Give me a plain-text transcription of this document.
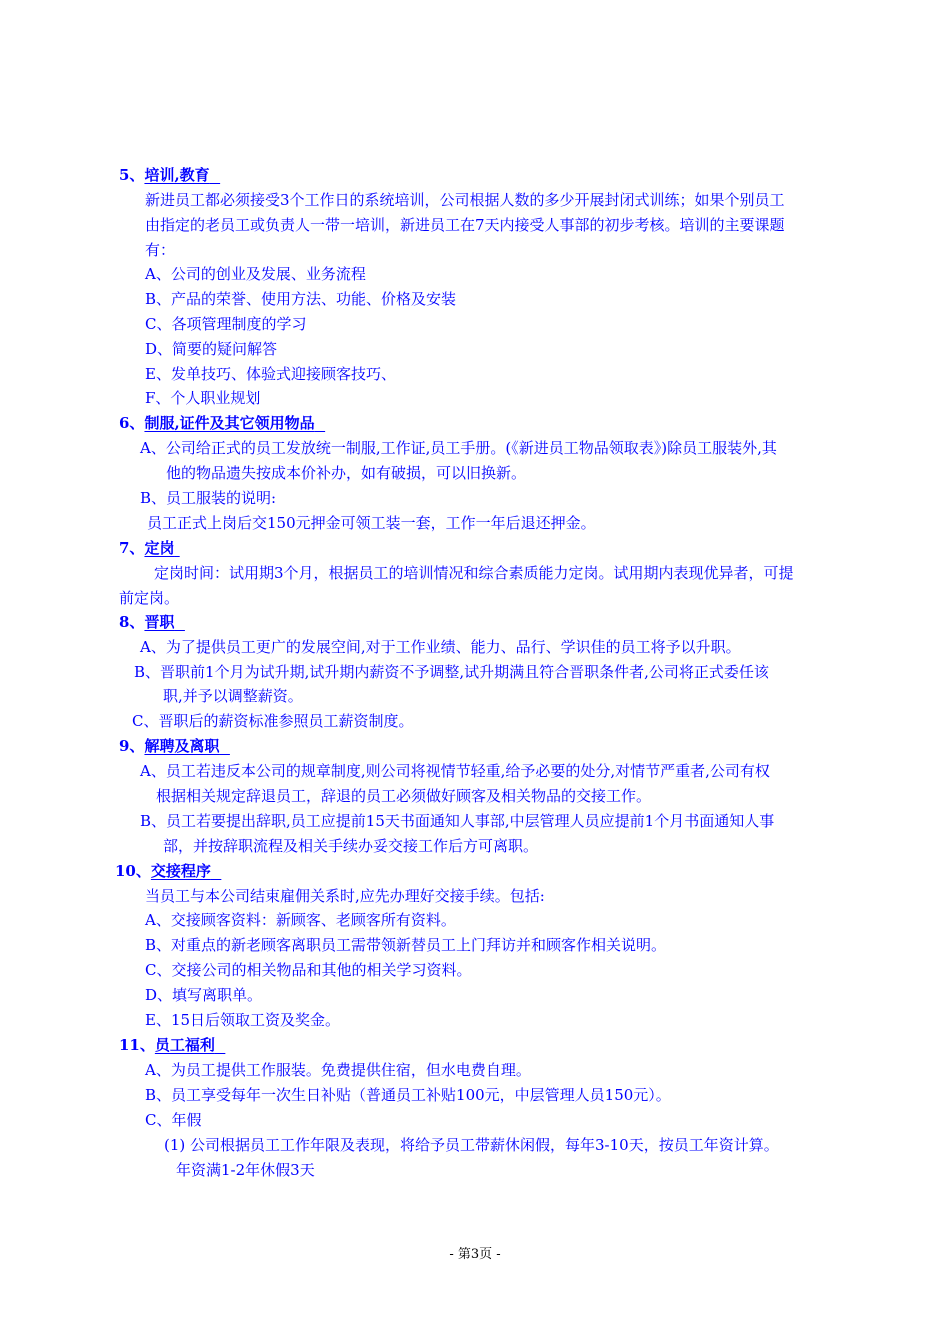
5、培训,教育
新进员工都必须接受3个工作日的系统培训，公司根据人数的多少开展封闭式训练；如果个别员工
由指定的老员工或负责人一带一培训，新进员工在7天内接受人事部的初步考核。培训的主要课题
有：
A、公司的创业及发展、业务流程
B、产品的荣誉、使用方法、功能、价格及安装
C、各项管理制度的学习
D、简要的疑问解答
E、发单技巧、体验式迎接顾客技巧、
F、个人职业规划
6、制服,证件及其它领用物品
A、公司给正式的员工发放统一制服,工作证,员工手册。(《新进员工物品领取表》)除员工服装外,其
他的物品遗失按成本价补办，如有破损，可以旧换新。
B、员工服装的说明:
员工正式上岗后交150元押金可领工装一套，工作一年后退还押金。
7、定岗
定岗时间：试用期3个月，根据员工的培训情况和综合素质能力定岗。试用期内表现优异者，可提
前定岗。
8、晋职
A、为了提供员工更广的发展空间,对于工作业绩、能力、品行、学识佳的员工将予以升职。
B、晋职前1个月为试升期,试升期内薪资不予调整,试升期满且符合晋职条件者,公司将正式委任该
职,并予以调整薪资。
C、晋职后的薪资标准参照员工薪资制度。
9、解聘及离职
A、员工若违反本公司的规章制度,则公司将视情节轻重,给予必要的处分,对情节严重者,公司有权
根据相关规定辞退员工，辞退的员工必须做好顾客及相关物品的交接工作。
B、员工若要提出辞职,员工应提前15天书面通知人事部,中层管理人员应提前1个月书面通知人事
部，并按辞职流程及相关手续办妥交接工作后方可离职。
10、交接程序
当员工与本公司结束雇佣关系时,应先办理好交接手续。包括:
A、交接顾客资料：新顾客、老顾客所有资料。
B、对重点的新老顾客离职员工需带领新替员工上门拜访并和顾客作相关说明。
C、交接公司的相关物品和其他的相关学习资料。
D、填写离职单。
E、15日后领取工资及奖金。
11、员工福利
A、为员工提供工作服装。免费提供住宿，但水电费自理。
B、员工享受每年一次生日补贴（普通员工补贴100元，中层管理人员150元）。
C、年假
(1) 公司根据员工工作年限及表现，将给予员工带薪休闲假，每年3-10天，按员工年资计算。
年资满1-2年休假3天
- 第3页 -
